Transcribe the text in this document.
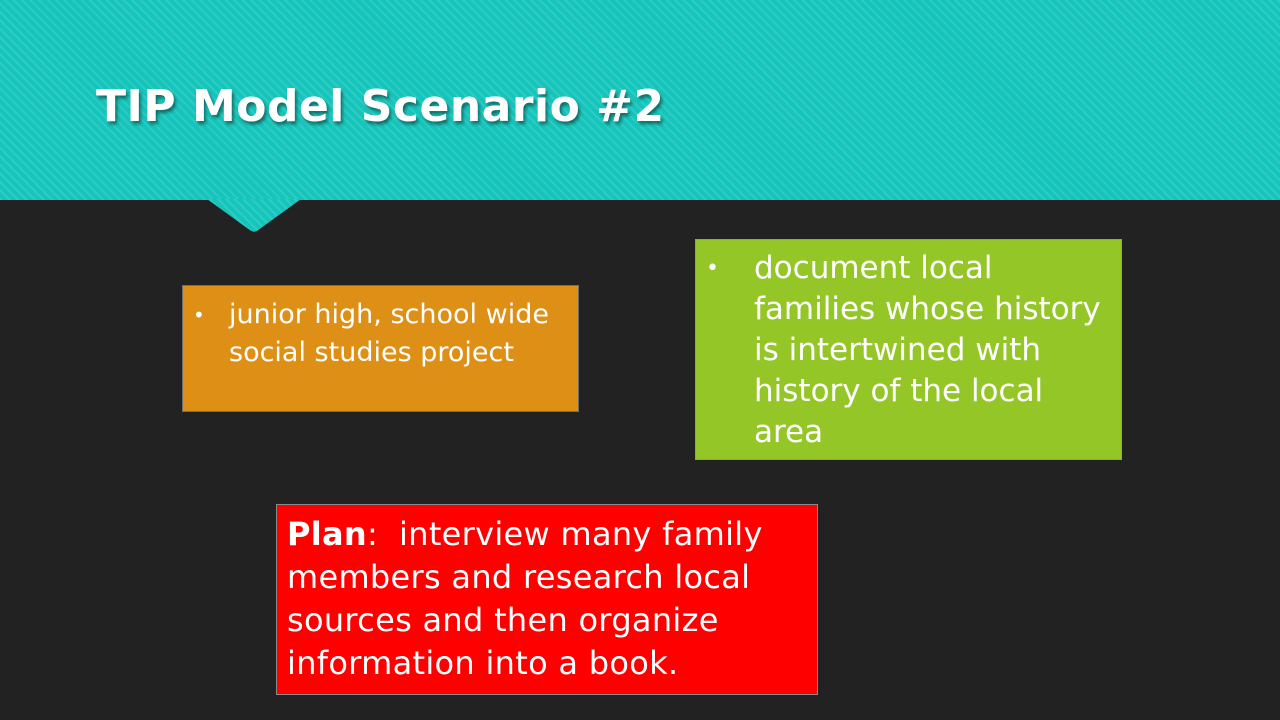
TIP Model Scenario #2
• junior high, school wide social studies project
• document local families whose history is intertwined with history of the local area

Plan: interview many family members and research local sources and then organize information into a book.
